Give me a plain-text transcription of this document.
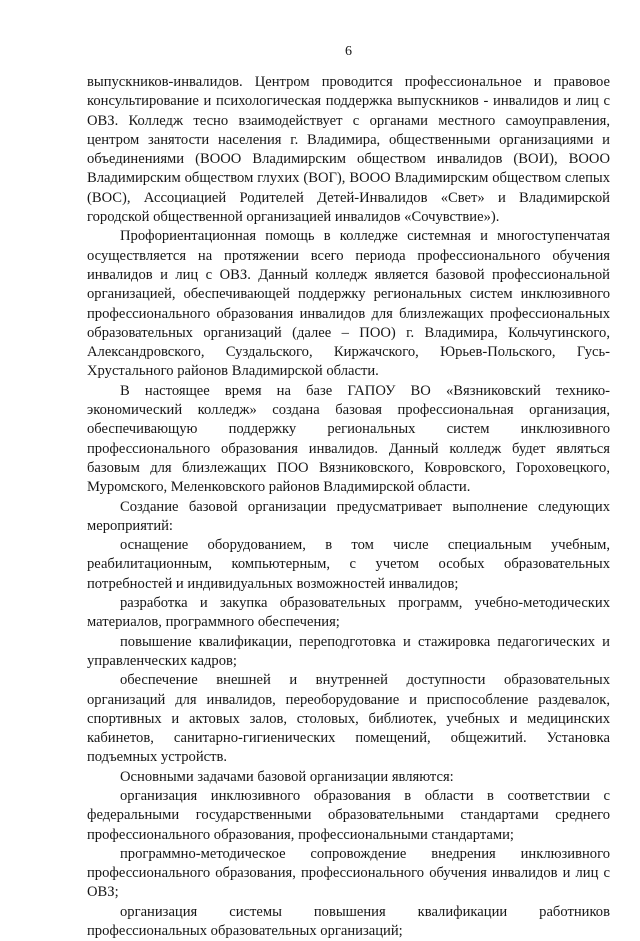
6

выпускников-инвалидов. Центром проводится профессиональное и правовое консультирование и психологическая поддержка выпускников - инвалидов и лиц с ОВЗ. Колледж тесно взаимодействует с органами местного самоуправления, центром занятости населения г. Владимира, общественными организациями и объединениями (ВООО Владимирским обществом инвалидов (ВОИ), ВООО Владимирским обществом глухих (ВОГ), ВООО Владимирским обществом слепых (ВОС), Ассоциацией Родителей Детей-Инвалидов «Свет» и Владимирской городской общественной организацией инвалидов «Сочувствие»).

Профориентационная помощь в колледже системная и многоступенчатая осуществляется на протяжении всего периода профессионального обучения инвалидов и лиц с ОВЗ. Данный колледж является базовой профессиональной организацией, обеспечивающей поддержку региональных систем инклюзивного профессионального образования инвалидов для близлежащих профессиональных образовательных организаций (далее – ПОО) г. Владимира, Кольчугинского, Александровского, Суздальского, Киржачского, Юрьев-Польского, Гусь-Хрустального районов Владимирской области.

В настоящее время на базе ГАПОУ ВО «Вязниковский технико-экономический колледж» создана базовая профессиональная организация, обеспечивающую поддержку региональных систем инклюзивного профессионального образования инвалидов. Данный колледж будет являться базовым для близлежащих ПОО Вязниковского, Ковровского, Гороховецкого, Муромского, Меленковского районов Владимирской области.

Создание базовой организации предусматривает выполнение следующих мероприятий:

оснащение оборудованием, в том числе специальным учебным, реабилитационным, компьютерным, с учетом особых образовательных потребностей и индивидуальных возможностей инвалидов;

разработка и закупка образовательных программ, учебно-методических материалов, программного обеспечения;

повышение квалификации, переподготовка и стажировка педагогических и управленческих кадров;

обеспечение внешней и внутренней доступности образовательных организаций для инвалидов, переоборудование и приспособление раздевалок, спортивных и актовых залов, столовых, библиотек, учебных и медицинских кабинетов, санитарно-гигиенических помещений, общежитий. Установка подъемных устройств.

Основными задачами базовой организации являются:

организация инклюзивного образования в области в соответствии с федеральными государственными образовательными стандартами среднего профессионального образования, профессиональными стандартами;

программно-методическое сопровождение внедрения инклюзивного профессионального образования, профессионального обучения инвалидов и лиц с ОВЗ;

организация системы повышения квалификации работников профессиональных образовательных организаций;
